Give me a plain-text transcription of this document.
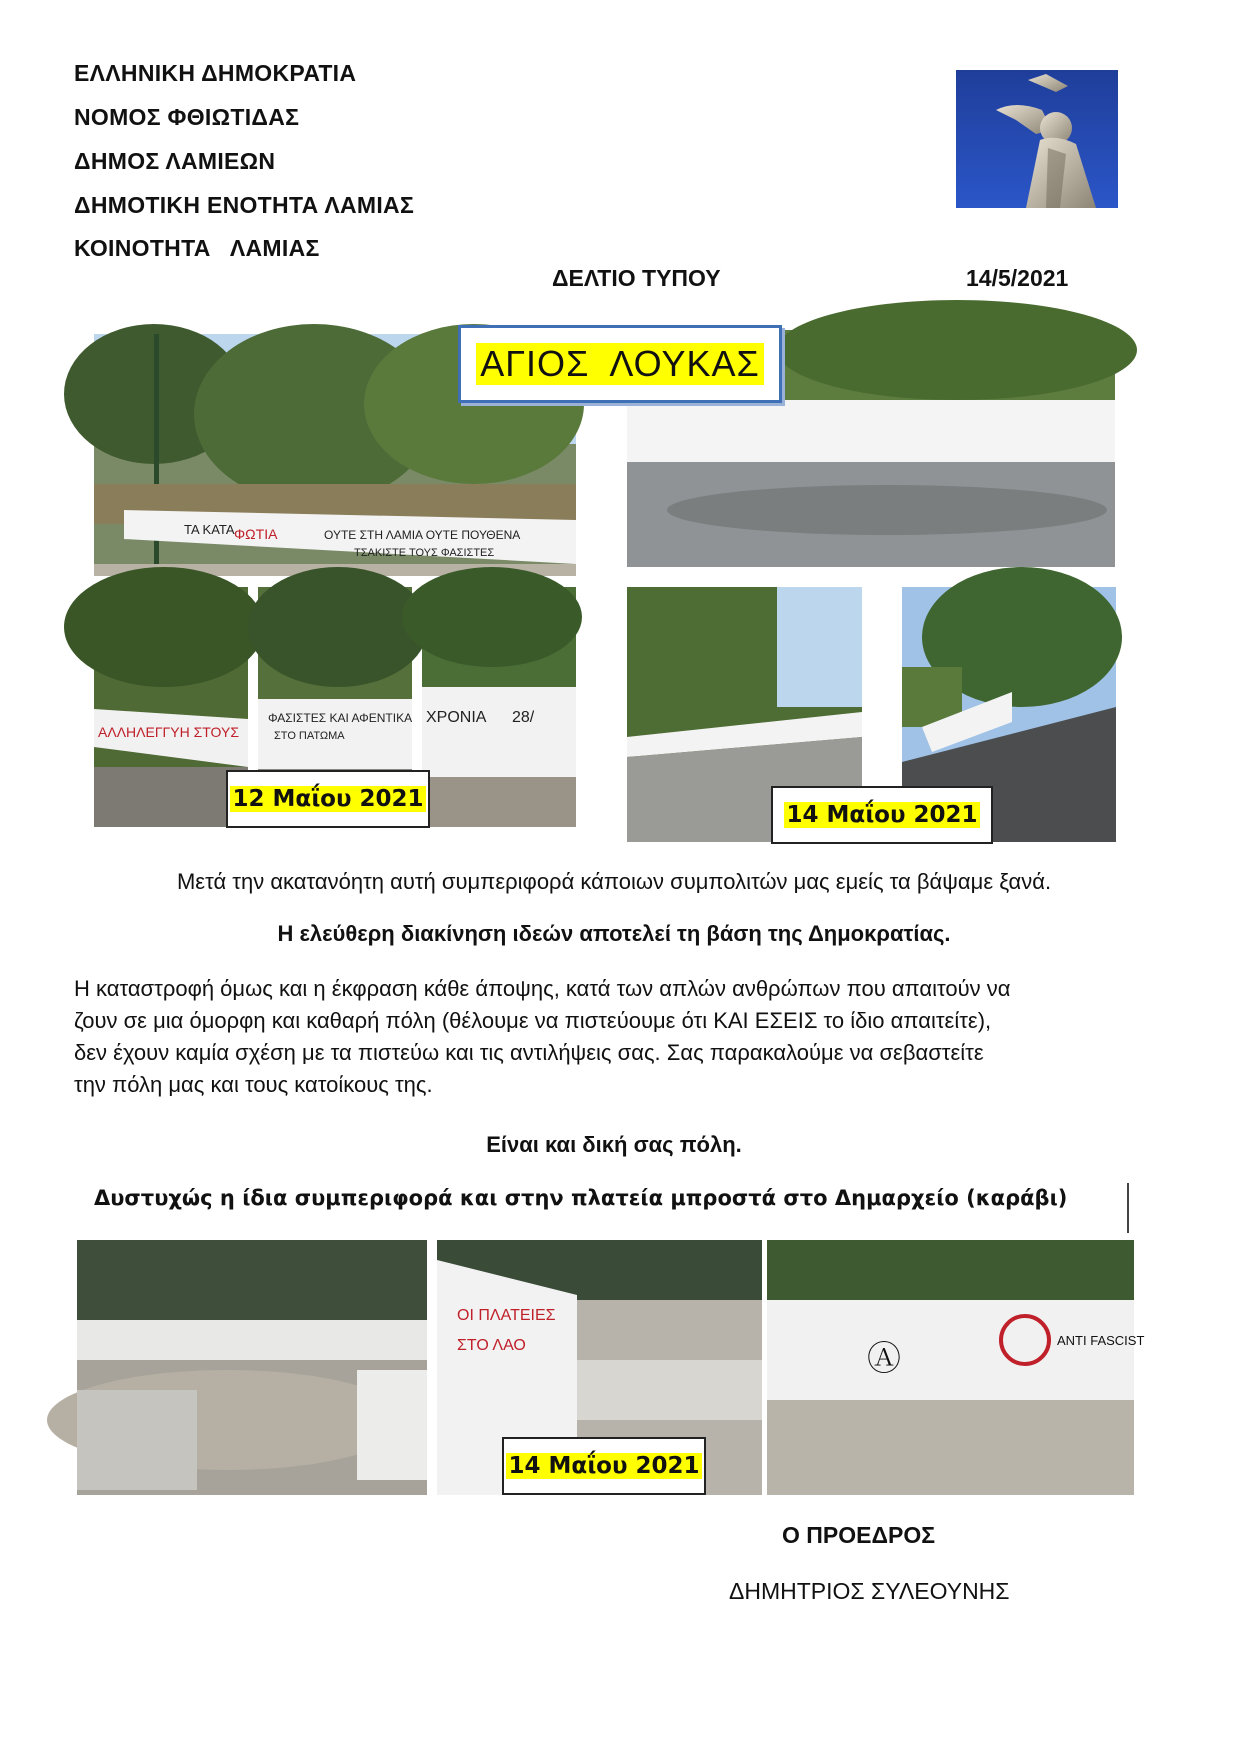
ΕΛΛΗΝΙΚΗ ΔΗΜΟΚΡΑΤΙΑ
ΝΟΜΟΣ ΦΘΙΩΤΙΔΑΣ
ΔΗΜΟΣ ΛΑΜΙΕΩΝ
ΔΗΜΟΤΙΚΗ ΕΝΟΤΗΤΑ ΛΑΜΙΑΣ
ΚΟΙΝΟΤΗΤΑ   ΛΑΜΙΑΣ
ΔΕΛΤΙΟ ΤΥΠΟΥ	14/5/2021
ΤΑ ΚΑΤΑ ΦΩΤΙΑ	ΟΥΤΕ ΣΤΗ ΛΑΜΙΑ ΟΥΤΕ ΠΟΥΘΕΝΑ
ΤΣΑΚΙΣΤΕ ΤΟΥΣ ΦΑΣΙΣΤΕΣ
ΑΛΛΗΛΕΓΓΥΗ ΣΤΟΥΣ
ΦΑΣΙΣΤΕΣ ΚΑΙ ΑΦΕΝΤΙΚΑ
ΣΤΟ ΠΑΤΩΜΑ
ΧΡΟΝΙΑ 28/
ΑΓΙΟΣ  ΛΟΥΚΑΣ
12 Μαΐου 2021
14 Μαΐου 2021
Μετά την ακατανόητη αυτή συμπεριφορά κάποιων συμπολιτών μας εμείς τα βάψαμε ξανά.
Η ελεύθερη διακίνηση ιδεών αποτελεί τη βάση της Δημοκρατίας.
Η καταστροφή όμως και η έκφραση κάθε άποψης, κατά των απλών ανθρώπων που απαιτούν να
ζουν σε μια όμορφη και καθαρή πόλη (θέλουμε να πιστεύουμε ότι ΚΑΙ ΕΣΕΙΣ το ίδιο απαιτείτε),
δεν έχουν καμία σχέση με τα πιστεύω και τις αντιλήψεις σας. Σας παρακαλούμε να σεβαστείτε
την πόλη μας και τους κατοίκους της.
Είναι και δική σας πόλη.
Δυστυχώς η ίδια συμπεριφορά και στην πλατεία μπροστά στο Δημαρχείο (καράβι)
ΟΙ ΠΛΑΤΕΙΕΣ
ΣΤΟ ΛΑΟ	Ⓐ	ANTI FASCIST
14 Μαΐου 2021
Ο ΠΡΟΕΔΡΟΣ
ΔΗΜΗΤΡΙΟΣ ΣΥΛΕΟΥΝΗΣ
